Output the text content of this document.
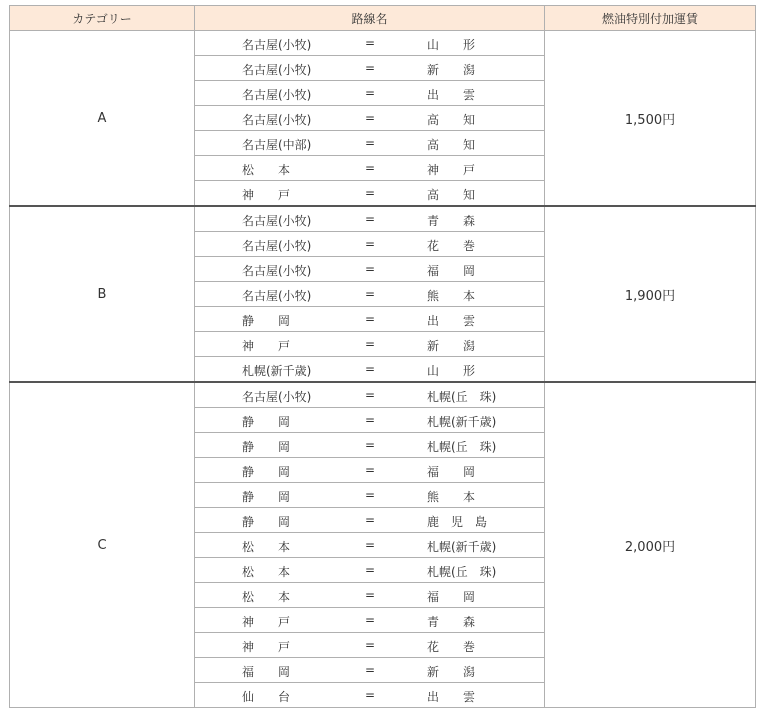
カテゴリー	路線名	燃油特別付加運賃
A	名古屋(小牧) = 山　　形	1,500円

	名古屋(小牧) = 新　　潟	

	名古屋(小牧) = 出　　雲	

	名古屋(小牧) = 高　　知	

	名古屋(中部) = 高　　知	

	松　　本 = 神　　戸	

	神　　戸 = 高　　知	

B	名古屋(小牧) = 青　　森	1,900円

	名古屋(小牧) = 花　　巻	

	名古屋(小牧) = 福　　岡	

	名古屋(小牧) = 熊　　本	

	静　　岡 = 出　　雲	

	神　　戸 = 新　　潟	

	札幌(新千歳) = 山　　形	

C	名古屋(小牧) = 札幌(丘　珠)	2,000円

	静　　岡 = 札幌(新千歳)	

	静　　岡 = 札幌(丘　珠)	

	静　　岡 = 福　　岡	

	静　　岡 = 熊　　本	

	静　　岡 = 鹿　児　島	

	松　　本 = 札幌(新千歳)	

	松　　本 = 札幌(丘　珠)	

	松　　本 = 福　　岡	

	神　　戸 = 青　　森	

	神　　戸 = 花　　巻	

	福　　岡 = 新　　潟	

	仙　　台 = 出　　雲	
